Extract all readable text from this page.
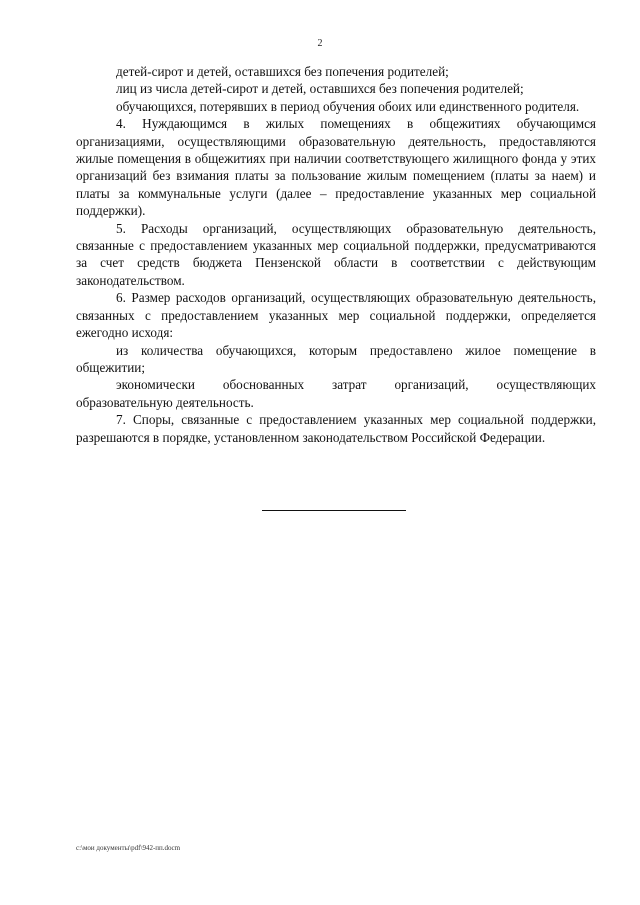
2

детей-сирот и детей, оставшихся без попечения родителей;

лиц из числа детей-сирот и детей, оставшихся без попечения родителей;

обучающихся, потерявших в период обучения обоих или единственного родителя.

4. Нуждающимся в жилых помещениях в общежитиях обучающимся организациями, осуществляющими образовательную деятельность, предоставляются жилые помещения в общежитиях при наличии соответствующего жилищного фонда у этих организаций без взимания платы за пользование жилым помещением (платы за наем) и платы за коммунальные услуги (далее – предоставление указанных мер социальной поддержки).

5. Расходы организаций, осуществляющих образовательную деятельность, связанные с предоставлением указанных мер социальной поддержки, предусматриваются за счет средств бюджета Пензенской области в соответствии с действующим законодательством.

6. Размер расходов организаций, осуществляющих образовательную деятельность, связанных с предоставлением указанных мер социальной поддержки, определяется ежегодно исходя:

из количества обучающихся, которым предоставлено жилое помещение в общежитии;

экономически обоснованных затрат организаций, осуществляющих образовательную деятельность.

7. Споры, связанные с предоставлением указанных мер социальной поддержки, разрешаются в порядке, установленном законодательством Российской Федерации.

c:\мои документы\pdf\942-пп.docm
